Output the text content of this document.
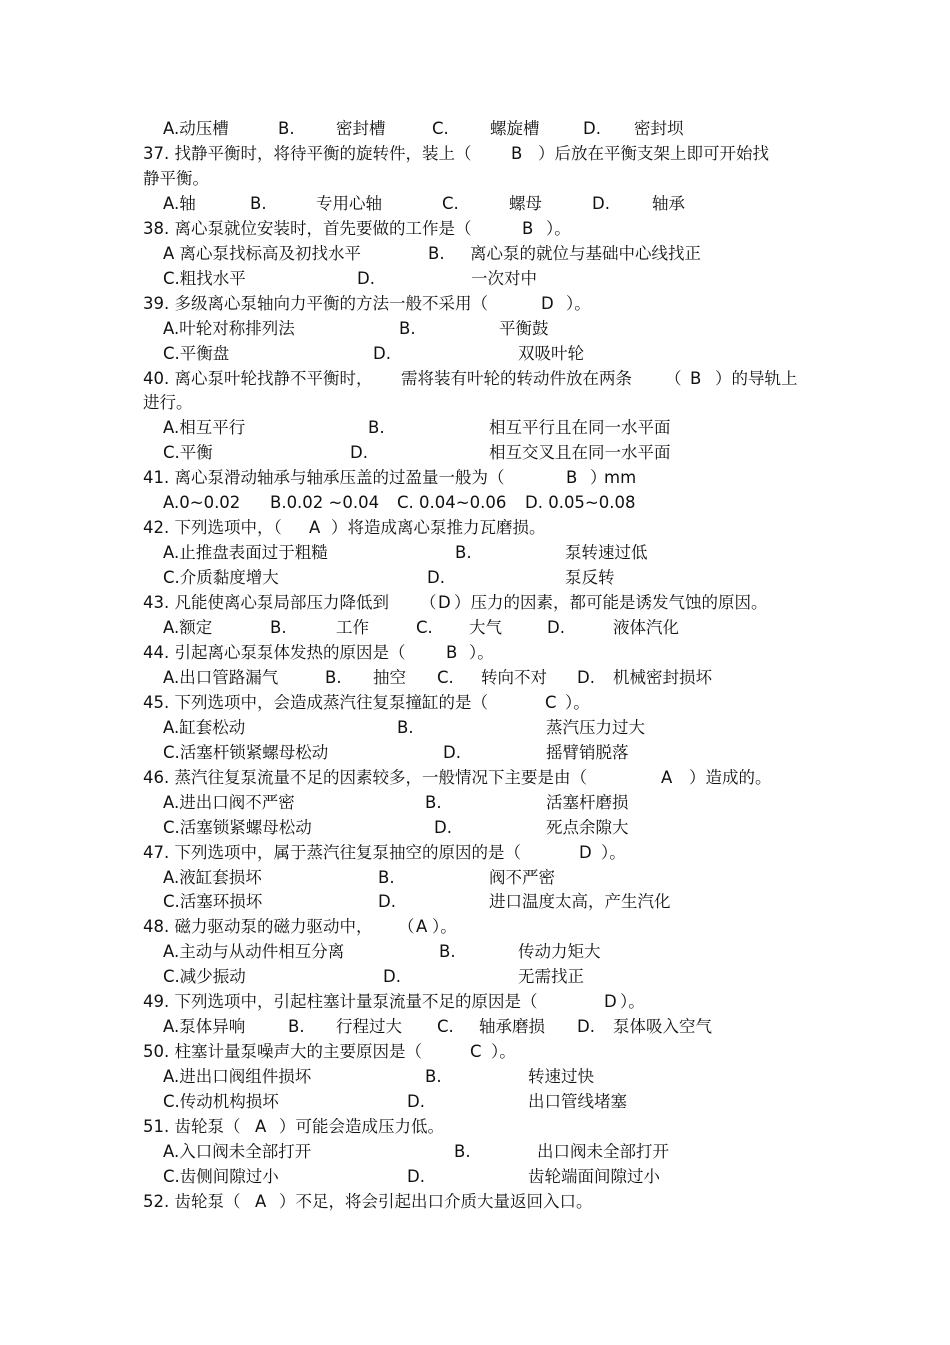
A.动压槽	B.	密封槽	C. 螺旋槽	D. 密封坝
37. 找静平衡时，将待平衡的旋转件，装上（ B ）后放在平衡支架上即可开始找
静平衡。
A.轴	B.	专用心轴	C.	螺母	D.	轴承
38. 离心泵就位安装时，首先要做的工作是（	B ）。
A 离心泵找标高及初找水平	B. 离心泵的就位与基础中心线找正
C.粗找水平	D.	一次对中
39. 多级离心泵轴向力平衡的方法一般不采用（	D ）。
A.叶轮对称排列法	B.	平衡鼓
C.平衡盘	D.	双吸叶轮
40. 离心泵叶轮找静不平衡时， 需将装有叶轮的转动件放在两条 （ B ）的导轨上
进行。
A.相互平行	B.	相互平行且在同一水平面
C.平衡	D.	相互交叉且在同一水平面
41. 离心泵滑动轴承与轴承压盖的过盈量一般为（	B ）
mm
A.0~0.02 B.0.02 ~0.04 C. 0.04~0.06 D. 0.05~0.08
42. 下列选项中，（ A ）将造成离心泵推力瓦磨损。
A.止推盘表面过于粗糙	B.	泵转速过低
C.介质黏度增大	D.	泵反转
43. 凡能使离心泵局部压力降低到 （ D ）压力的因素，都可能是诱发气蚀的原因。
A.额定	B.	工作	C. 大气	D.	液体汽化
44. 引起离心泵泵体发热的原因是（ B ）。
A.出口管路漏气	B. 抽空 C. 转向不对 D. 机械密封损坏
45. 下列选项中，会造成蒸汽往复泵撞缸的是（	C ）。
A.缸套松动	B.	蒸汽压力过大
C.活塞杆锁紧螺母松动	D.	摇臂销脱落
46. 蒸汽往复泵流量不足的因素较多，一般情况下主要是由（	A ）造成的。
A.进出口阀不严密	B.	活塞杆磨损
C.活塞锁紧螺母松动	D.	死点余隙大
47. 下列选项中，属于蒸汽往复泵抽空的原因的是（	D ）。
A.液缸套损坏	B.	阀不严密
C.活塞环损坏	D.	进口温度太高，产生汽化
48. 磁力驱动泵的磁力驱动中， （ A ）。
A.主动与从动件相互分离	B.	传动力矩大
C.减少振动	D.	无需找正
49. 下列选项中，引起柱塞计量泵流量不足的原因是（	D ）。
A.泵体异响	B. 行程过大 C. 轴承磨损 D. 泵体吸入空气
50. 柱塞计量泵噪声大的主要原因是（	C ）。
A.进出口阀组件损坏	B.	转速过快
C.传动机构损坏	D.	出口管线堵塞
51. 齿轮泵（ A ）可能会造成压力低。
A.入口阀未全部打开	B.	出口阀未全部打开
C.齿侧间隙过小	D.	齿轮端面间隙过小
52. 齿轮泵（ A ）不足，将会引起出口介质大量返回入口。
